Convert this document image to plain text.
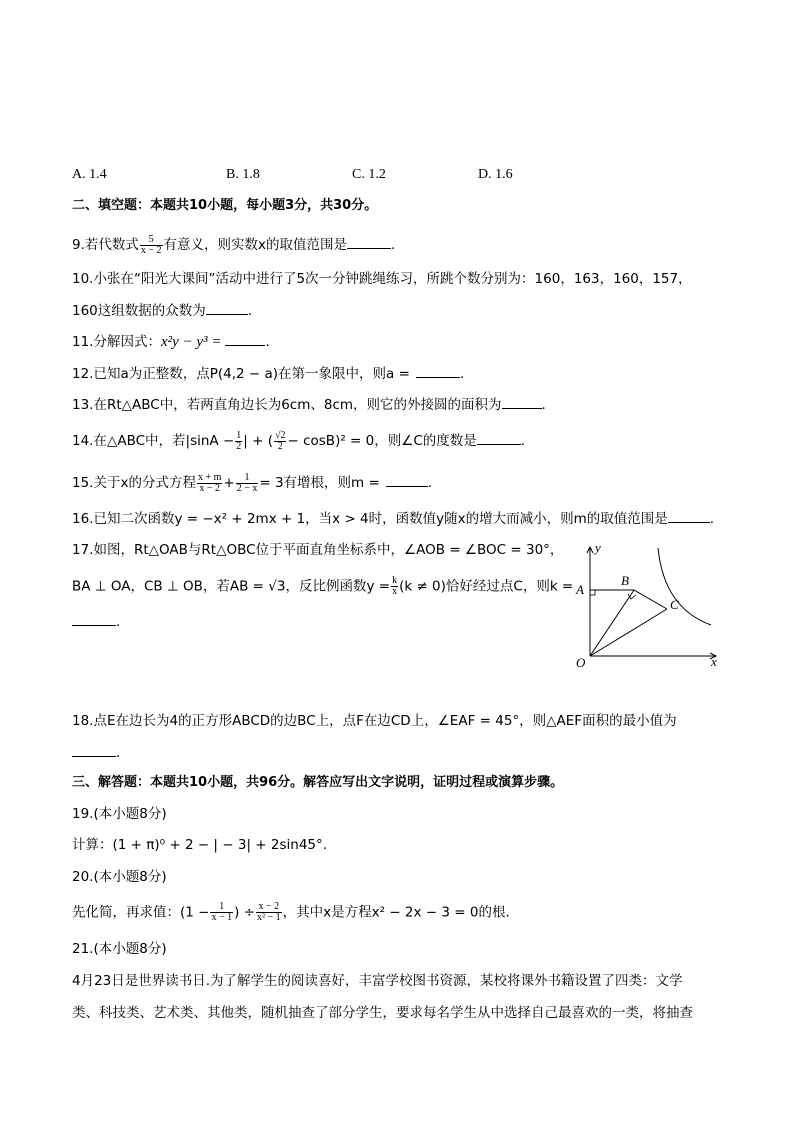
A. 1.4	B. 1.8	C. 1.2	D. 1.6
二、填空题：本题共10小题，每小题3分，共30分。
9.若代数式 $\frac{5}{x - 2}$ 有意义，则实数x的取值范围是	.
10.小张在“阳光大课间”活动中进行了5次一分钟跳绳练习，所跳个数分别为：160，163，160，157，
160这组数据的众数为	.
11.分解因式：x²y − y³ =	.
12.已知a为正整数，点P(4,2 − a)在第一象限中，则a =	.
13.在Rt△ABC中，若两直角边长为6cm、8cm，则它的外接圆的面积为	.
14.在△ABC中，若$|\sin A - \frac{1}{2}$ | + ( $\frac{√2}{2} - \cos B)^2 = 0$，则∠C的度数是	.
15.关于x的分式方程 $\frac{x + m}{x - 2} + \frac{1}{2 - x} = 3$有增根，则m =	.
16.已知二次函数y = −x² + 2mx + 1，当x > 4时，函数值y随x的增大而减小，则m的取值范围是	.
17.如图，Rt△OAB与Rt△OBC位于平面直角坐标系中，∠AOB = ∠BOC = 30°，
BA ⊥ OA，CB ⊥ OB，若AB = √3，反比例函数$y = \frac{k}{x} (k \ne 0)$恰好经过点C，则k =
.
y
x
O
A
B
C
18.点E在边长为4的正方形ABCD的边BC上，点F在边CD上，∠EAF = 45°，则△AEF面积的最小值为
.
三、解答题：本题共10小题，共96分。解答应写出文字说明，证明过程或演算步骤。
19.(本小题8分)
计算：(1 + π)⁰ + 2 − | − 3| + 2sin45°.
20.(本小题8分)
先化简，再求值：($1 - \frac{1}{x - 1}$ ) ÷ $\frac{x - 2}{\text{x² − 1}}$ ，其中x是方程x² − 2x − 3 = 0的根.
21.(本小题8分)
4月23日是世界读书日.为了解学生的阅读喜好，丰富学校图书资源，某校将课外书籍设置了四类：文学
类、科技类、艺术类、其他类，随机抽查了部分学生，要求每名学生从中选择自己最喜欢的一类，将抽查
